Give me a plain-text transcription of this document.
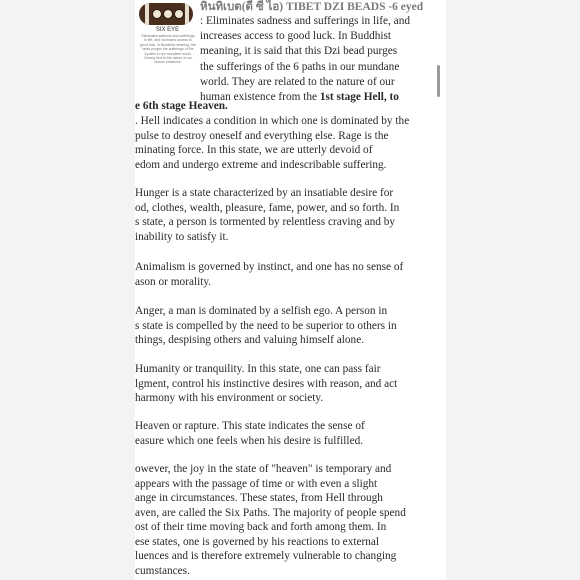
SIX EYE
Eliminates sadness and sufferings
in life, and increases access to
good luck. In Buddhist meaning, the
bead purges the sufferings of the
6 paths in our mundane world.
Closely tied to the nature of our
human existence.
หินทิเบต(ดี ซี ไอ) TIBET DZI BEADS -6 eyed
: Eliminates sadness and sufferings in life, and
increases access to good luck. In Buddhist
meaning, it is said that this Dzi bead purges
the sufferings of the 6 paths in our mundane
world. They are related to the nature of our
human existence from the 1st stage Hell, to
e 6th stage Heaven.
. Hell indicates a condition in which one is dominated by the
pulse to destroy oneself and everything else. Rage is the
minating force. In this state, we are utterly devoid of
edom and undergo extreme and indescribable suffering.
Hunger is a state characterized by an insatiable desire for
od, clothes, wealth, pleasure, fame, power, and so forth. In
s state, a person is tormented by relentless craving and by
inability to satisfy it.
Animalism is governed by instinct, and one has no sense of
ason or morality.
Anger, a man is dominated by a selfish ego. A person in
s state is compelled by the need to be superior to others in
things, despising others and valuing himself alone.
Humanity or tranquility. In this state, one can pass fair
lgment, control his instinctive desires with reason, and act
harmony with his environment or society.
Heaven or rapture. This state indicates the sense of
easure which one feels when his desire is fulfilled.
owever, the joy in the state of "heaven" is temporary and
appears with the passage of time or with even a slight
ange in circumstances. These states, from Hell through
aven, are called the Six Paths. The majority of people spend
ost of their time moving back and forth among them. In
ese states, one is governed by his reactions to external
luences and is therefore extremely vulnerable to changing
cumstances.
